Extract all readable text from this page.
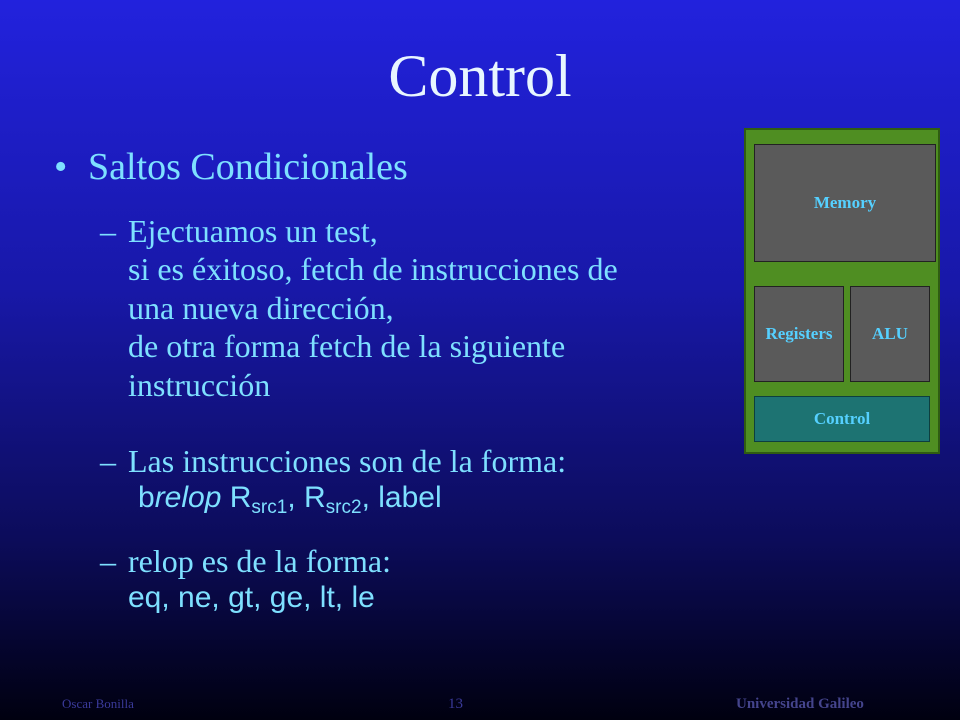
Control
• Saltos Condicionales
– Ejectuamos un test,
si es éxitoso, fetch de instrucciones de
una nueva dirección,
de otra forma fetch de la siguiente
instrucción
– Las instrucciones son de la forma:
brelop $R_{src1}$, $R_{src2}$, label
– relop es de la forma:
eq, ne, gt, ge, lt, le
Memory
Registers	ALU
Control
Oscar Bonilla	13	Universidad Galileo
